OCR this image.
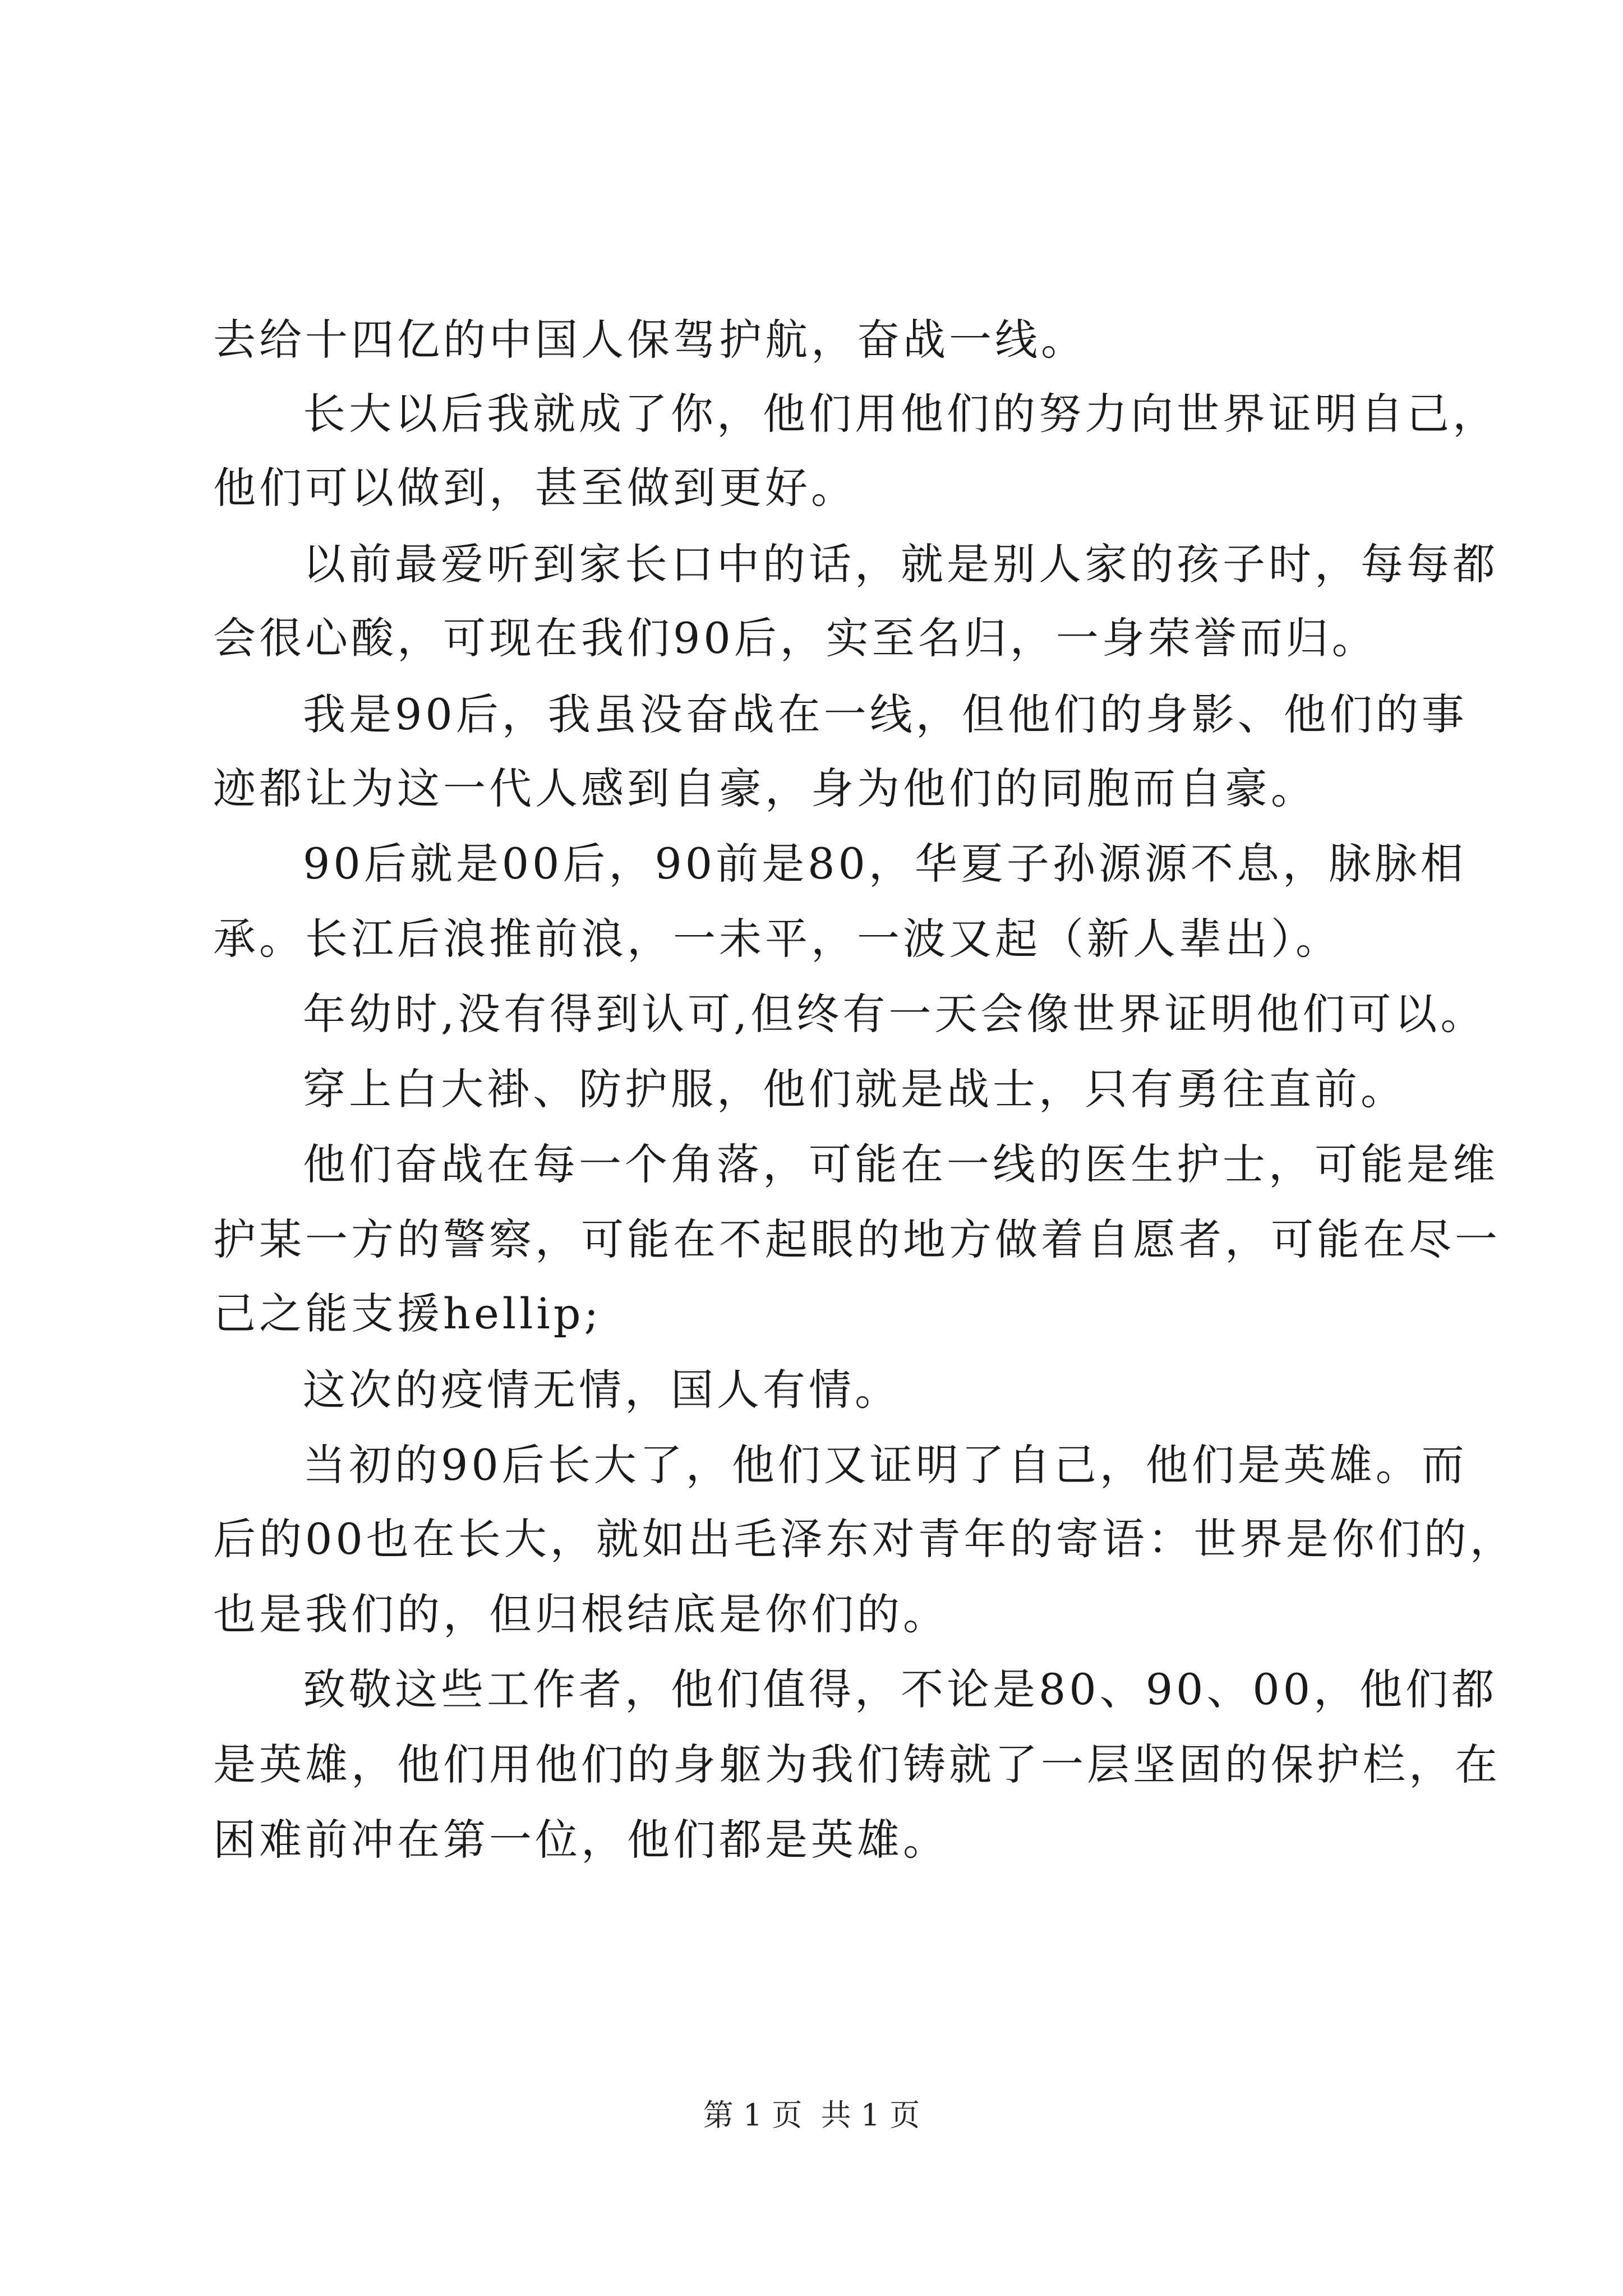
去给十四亿的中国人保驾护航，奋战一线。
长大以后我就成了你，他们用他们的努力向世界证明自己，
他们可以做到，甚至做到更好。
以前最爱听到家长口中的话，就是别人家的孩子时，每每都
会很心酸，可现在我们90后，实至名归，一身荣誉而归。
我是90后，我虽没奋战在一线，但他们的身影、他们的事
迹都让为这一代人感到自豪，身为他们的同胞而自豪。
90后就是00后，90前是80，华夏子孙源源不息，脉脉相
承。长江后浪推前浪，一未平，一波又起（新人辈出）。
年幼时,没有得到认可,但终有一天会像世界证明他们可以。
穿上白大褂、防护服，他们就是战士，只有勇往直前。
他们奋战在每一个角落，可能在一线的医生护士，可能是维
护某一方的警察，可能在不起眼的地方做着自愿者，可能在尽一
己之能支援hellip;
这次的疫情无情，国人有情。
当初的90后长大了，他们又证明了自己，他们是英雄。而
后的00也在长大，就如出毛泽东对青年的寄语：世界是你们的，
也是我们的，但归根结底是你们的。
致敬这些工作者，他们值得，不论是80、90、00，他们都
是英雄，他们用他们的身躯为我们铸就了一层坚固的保护栏，在
困难前冲在第一位，他们都是英雄。
第 1 页 共 1 页
